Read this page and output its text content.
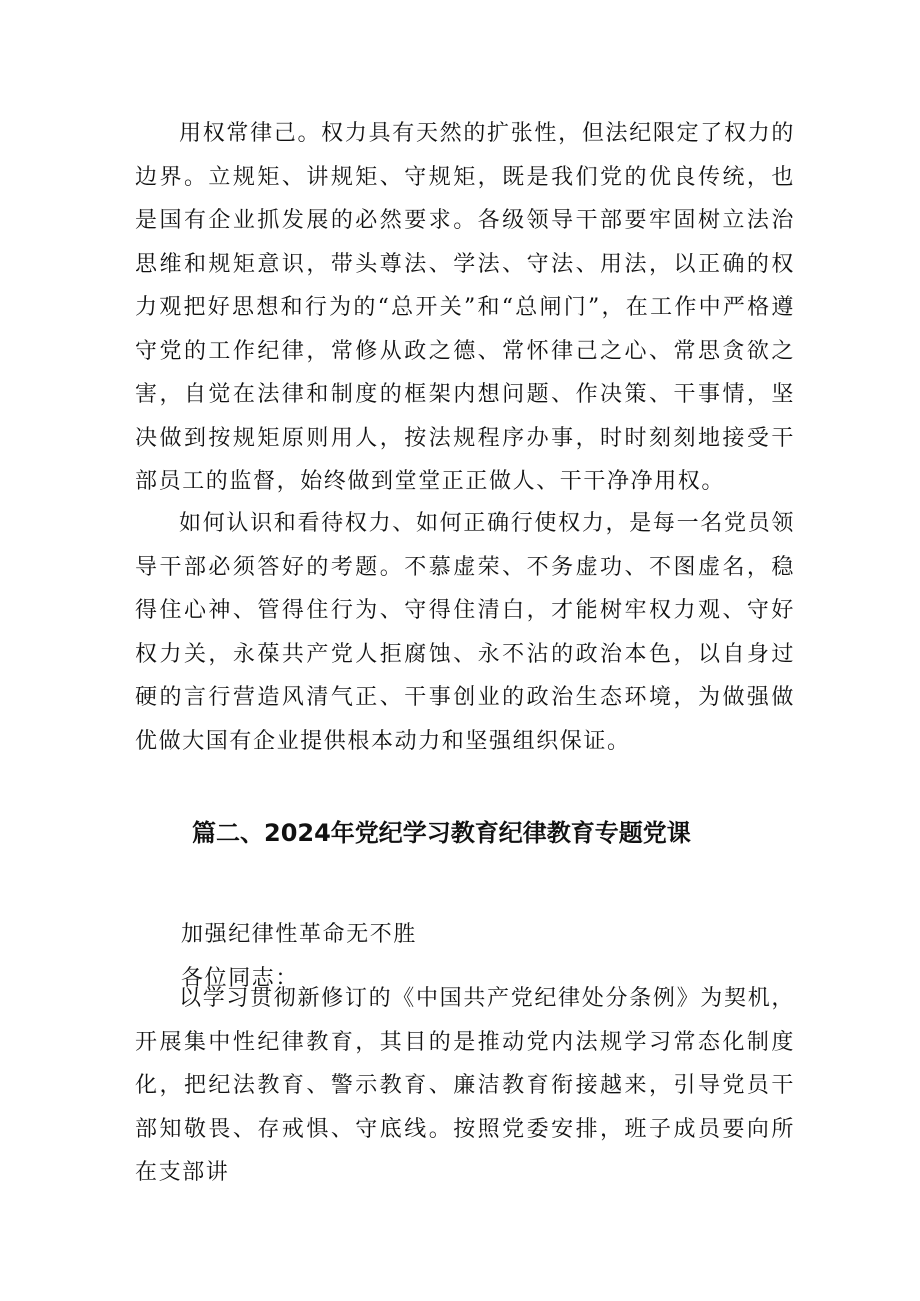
用权常律己。权力具有天然的扩张性，但法纪限定了权力的边界。立规矩、讲规矩、守规矩，既是我们党的优良传统，也是国有企业抓发展的必然要求。各级领导干部要牢固树立法治思维和规矩意识，带头尊法、学法、守法、用法，以正确的权力观把好思想和行为的“总开关”和“总闸门”，在工作中严格遵守党的工作纪律，常修从政之德、常怀律己之心、常思贪欲之害，自觉在法律和制度的框架内想问题、作决策、干事情，坚决做到按规矩原则用人，按法规程序办事，时时刻刻地接受干部员工的监督，始终做到堂堂正正做人、干干净净用权。

如何认识和看待权力、如何正确行使权力，是每一名党员领导干部必须答好的考题。不慕虚荣、不务虚功、不图虚名，稳得住心神、管得住行为、守得住清白，才能树牢权力观、守好权力关，永葆共产党人拒腐蚀、永不沾的政治本色，以自身过硬的言行营造风清气正、干事创业的政治生态环境，为做强做优做大国有企业提供根本动力和坚强组织保证。

篇二、2024年党纪学习教育纪律教育专题党课

加强纪律性革命无不胜

各位同志：

以学习贯彻新修订的《中国共产党纪律处分条例》为契机，开展集中性纪律教育，其目的是推动党内法规学习常态化制度化，把纪法教育、警示教育、廉洁教育衔接越来，引导党员干部知敬畏、存戒惧、守底线。按照党委安排，班子成员要向所在支部讲
